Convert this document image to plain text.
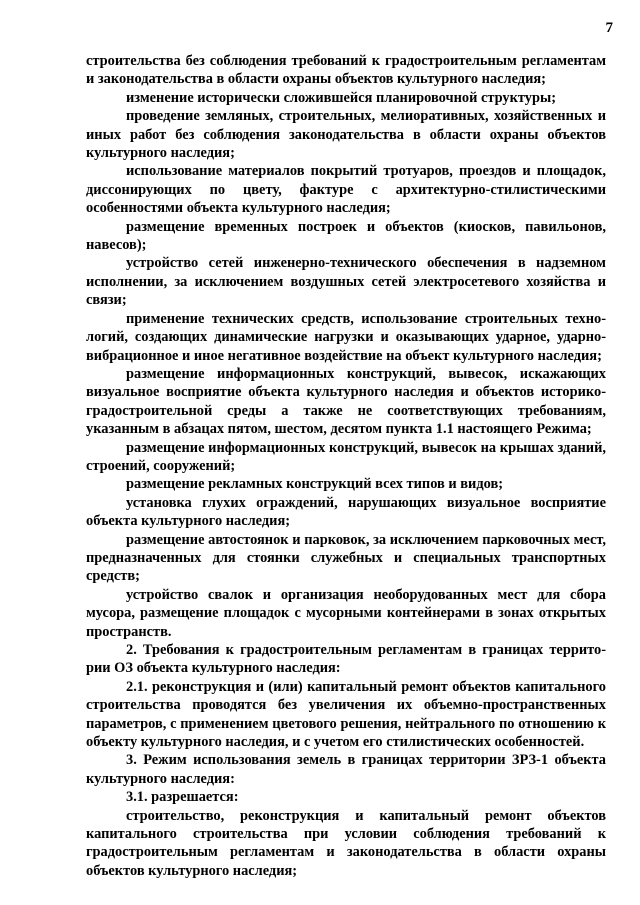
7

строительства без соблюдения требований к градостроительным регламентам и законодательства в области охраны объектов культурного наследия;

изменение исторически сложившейся планировочной структуры;

проведение земляных, строительных, мелиоративных, хозяйственных и иных работ без соблюдения законодательства в области охраны объектов культурного наследия;

использование материалов покрытий тротуаров, проездов и площадок, диссонирующих по цвету, фактуре с архитектурно-стилистическими особенностями объекта культурного наследия;

размещение временных построек и объектов (киосков, павильонов, навесов);

устройство сетей инженерно-технического обеспечения в надземном исполнении, за исключением воздушных сетей электросетевого хозяйства и связи;

применение технических средств, использование строительных технологий, создающих динамические нагрузки и оказывающих ударное, ударно-вибрационное и иное негативное воздействие на объект культурного наследия;

размещение информационных конструкций, вывесок, искажающих визуальное восприятие объекта культурного наследия и объектов историко-градостроительной среды а также не соответствующих требованиям, указанным в абзацах пятом, шестом, десятом пункта 1.1 настоящего Режима;

размещение информационных конструкций, вывесок на крышах зданий, строений, сооружений;

размещение рекламных конструкций всех типов и видов;

установка глухих ограждений, нарушающих визуальное восприятие объекта культурного наследия;

размещение автостоянок и парковок, за исключением парковочных мест, предназначенных для стоянки служебных и специальных транспортных средств;

устройство свалок и организация необорудованных мест для сбора мусора, размещение площадок с мусорными контейнерами в зонах открытых пространств.

2. Требования к градостроительным регламентам в границах территории ОЗ объекта культурного наследия:

2.1. реконструкция и (или) капитальный ремонт объектов капитального строительства проводятся без увеличения их объемно-пространственных параметров, с применением цветового решения, нейтрального по отношению к объекту культурного наследия, и с учетом его стилистических особенностей.

3. Режим использования земель в границах территории ЗРЗ-1 объекта культурного наследия:

3.1. разрешается:

строительство, реконструкция и капитальный ремонт объектов капитального строительства при условии соблюдения требований к градостроительным регламентам и законодательства в области охраны объектов культурного наследия;
